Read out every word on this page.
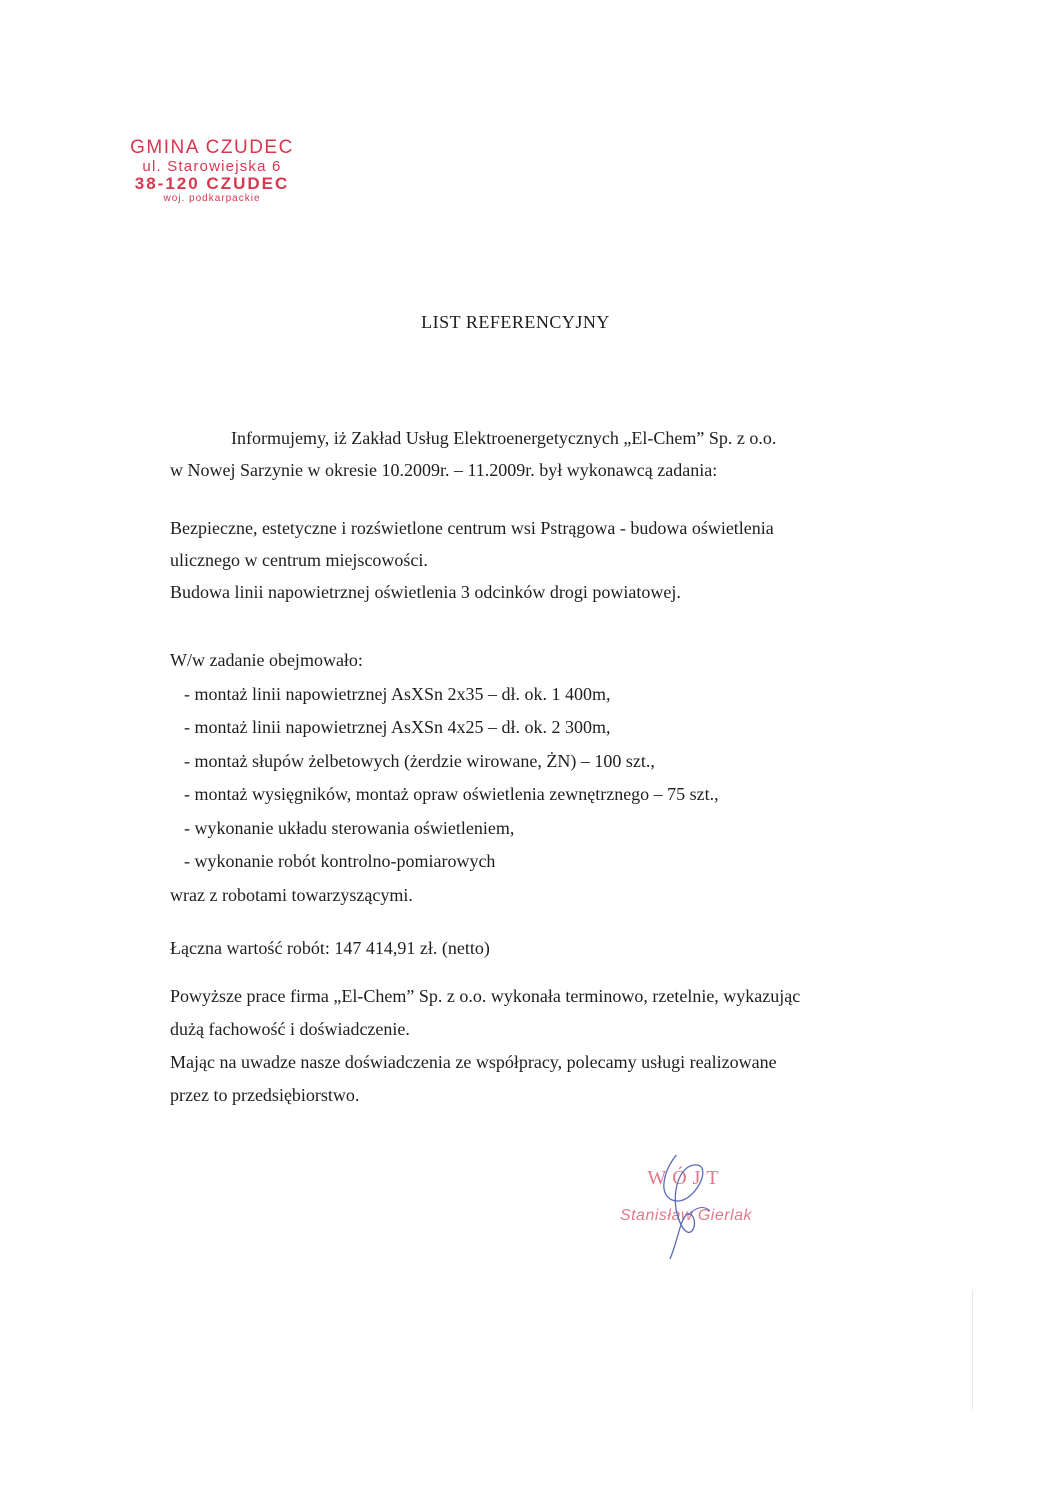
GMINA CZUDEC
ul. Starowiejska 6
38-120 CZUDEC
woj. podkarpackie
LIST REFERENCYJNY
Informujemy, iż Zakład Usług Elektroenergetycznych „El-Chem” Sp. z o.o.
w Nowej Sarzynie w okresie 10.2009r. – 11.2009r. był wykonawcą zadania:
Bezpieczne, estetyczne i rozświetlone centrum wsi Pstrągowa - budowa oświetlenia
ulicznego w centrum miejscowości.
Budowa linii napowietrznej oświetlenia 3 odcinków drogi powiatowej.
W/w zadanie obejmowało:
- montaż linii napowietrznej AsXSn 2x35 – dł. ok. 1 400m,
- montaż linii napowietrznej AsXSn 4x25 – dł. ok. 2 300m,
- montaż słupów żelbetowych (żerdzie wirowane, ŻN) – 100 szt.,
- montaż wysięgników, montaż opraw oświetlenia zewnętrznego – 75 szt.,
- wykonanie układu sterowania oświetleniem,
- wykonanie robót kontrolno-pomiarowych
wraz z robotami towarzyszącymi.
Łączna wartość robót: 147 414,91 zł. (netto)
Powyższe prace firma „El-Chem” Sp. z o.o. wykonała terminowo, rzetelnie, wykazując
dużą fachowość i doświadczenie.
Mając na uwadze nasze doświadczenia ze współpracy, polecamy usługi realizowane
przez to przedsiębiorstwo.
WÓJT
Stanisław Gierlak
